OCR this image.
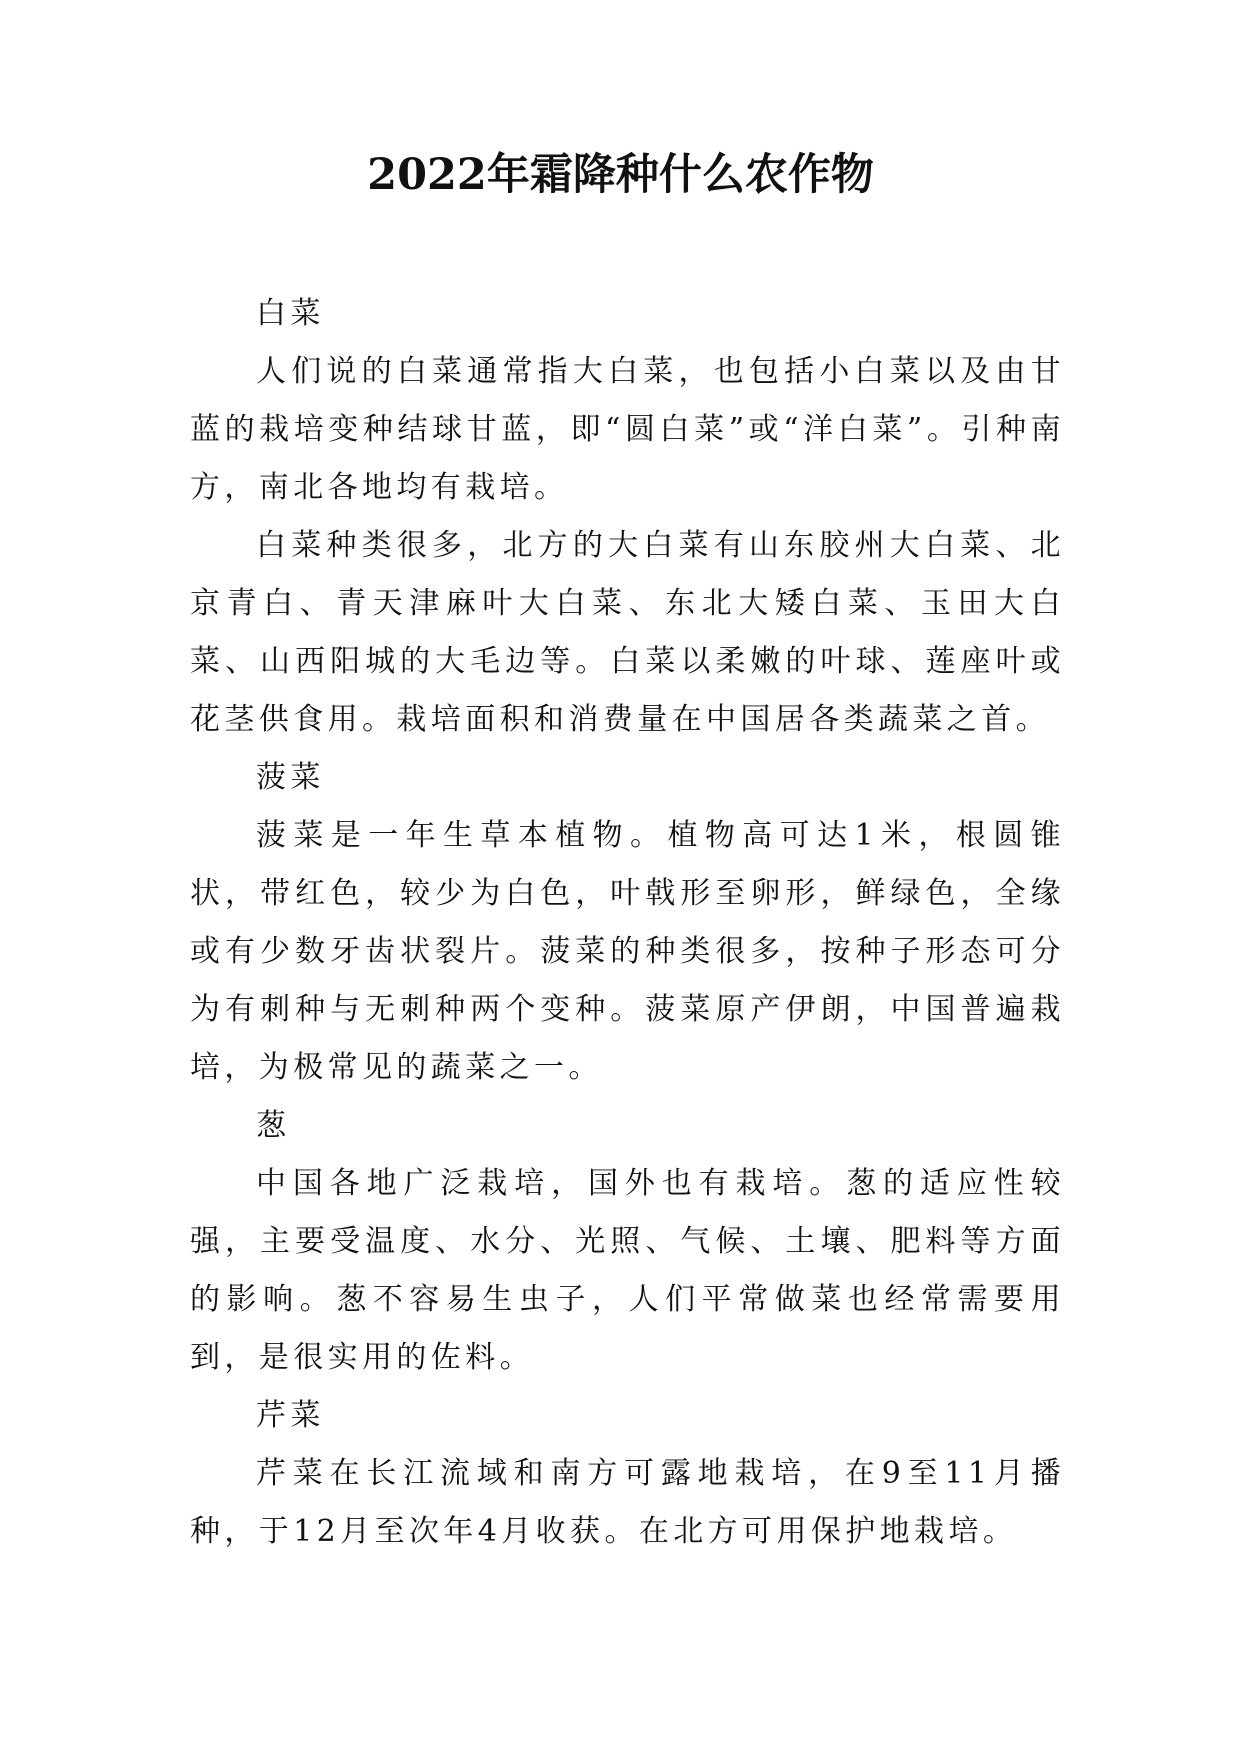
2022年霜降种什么农作物

白菜

人们说的白菜通常指大白菜，也包括小白菜以及由甘蓝的栽培变种结球甘蓝，即“圆白菜”或“洋白菜”。引种南方，南北各地均有栽培。

白菜种类很多，北方的大白菜有山东胶州大白菜、北京青白、青天津麻叶大白菜、东北大矮白菜、玉田大白菜、山西阳城的大毛边等。白菜以柔嫩的叶球、莲座叶或花茎供食用。栽培面积和消费量在中国居各类蔬菜之首。

菠菜

菠菜是一年生草本植物。植物高可达1米，根圆锥状，带红色，较少为白色，叶戟形至卵形，鲜绿色，全缘或有少数牙齿状裂片。菠菜的种类很多，按种子形态可分为有刺种与无刺种两个变种。菠菜原产伊朗，中国普遍栽培，为极常见的蔬菜之一。

葱

中国各地广泛栽培，国外也有栽培。葱的适应性较强，主要受温度、水分、光照、气候、土壤、肥料等方面的影响。葱不容易生虫子，人们平常做菜也经常需要用到，是很实用的佐料。

芹菜

芹菜在长江流域和南方可露地栽培，在9至11月播种，于12月至次年4月收获。在北方可用保护地栽培。
